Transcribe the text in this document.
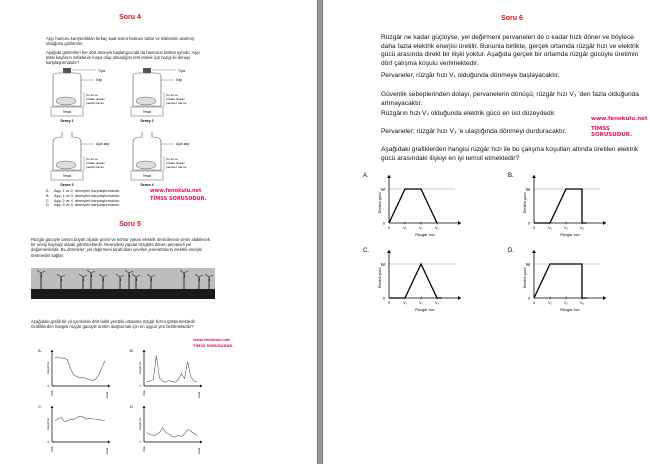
Soru 4
Aşçı hamuru karıştırdıktan birkaç saat sonra hamuru tartar ve kütlesinin azalmış olduğunu gözlemler.
Aşağıda gösterilen her dört deneyin başlangıcında da hamurun kütlesi aynıdır. Aşçı kütle kaybının sebebinin maya olup olmadığını test etmek için hangi iki deneyi karşılaştırmalıdır?
Tıpa
Kap
Un,su ve
tuzdan oluşan
mayalı hamur
Terazi
Deney 1
Tıpa
Kap
Un,su ve
tuzdan oluşan
mayasız hamur
Terazi
Deney 2
Açık kap
Un,su ve
tuzdan oluşan
mayalı hamur
Terazi
Deney 3
Açık kap
Un,su ve
tuzdan oluşan
mayasız hamur
Terazi
Deney 4
A Aşçı 1 ve 2. deneyleri karşılaştırmalıdır.
B Aşçı 1 ve 3. deneyleri karşılaştırmalıdır.
C Aşçı 2 ve 4. deneyleri karşılaştırmalıdır.
D Aşçı 3 ve 4. deneyleri karşılaştırmalıdır.
www.fenokulu.net
TİMSS SORUSUDUR.
Soru 5
Rüzgâr gücüyle üretim büyük ölçüde petrol ve kömür yakan elektrik üreticilerinin yerini alabilecek bir enerji kaynağı olarak görülmektedir. Resimdeki yapılar rüzgârla dönen pervaneli yel değirmenleridir. Bu dönmeler; yel değirmeni tarafından çevrilen jeneratörlerin elektrik enerjisi üretmesini sağlar.
Aşağıdaki grafik bir yıl içerisinde dört farklı yerdeki ortalama rüzgâr hızını göstermektedir. Grafiklerden hangisi rüzgâr gücüyle üretim oluşturmak için en uygun yeri belirtmektedir?
www.fenokulu.net
TİMSS SORUSUDUR.
A.
0
Rüzgâr hızı
Ocak	Aralık
B.
0
Rüzgâr hızı
Ocak	Aralık
C.
0
Rüzgâr hızı
Ocak	Aralık
D.
0
Rüzgâr hızı
Ocak	Aralık
Soru 6
Rüzgâr ne kadar güçlüyse, yel değirmeni pervaneleri de o kadar hızlı döner ve böylece daha fazla elektrik enerjisi üretilir. Bununla birlikte, gerçek ortamda rüzgâr hızı ve elektrik gücü arasında direkt bir ilişki yoktur. Aşağıda gerçek bir ortamda rüzgâr gücüyle üretimin dört çalışma koşulu verilmektedir.
Pervaneler, rüzgâr hızı V₁ olduğunda dönmeye başlayacaktır.
Güvenlik sebeplerinden dolayı, pervanelerin dönüşü; rüzgâr hızı V₃ 'den fazla olduğunda artmayacaktır.
Rüzgârın hızı V₂ olduğunda elektrik gücü en üst düzeydedir.
Pervaneler; rüzgâr hızı V₃ 'e ulaştığında dönmeyi durduracaktır.
Aşağıdaki grafiklerden hangisi rüzgâr hızı ile bu çalışma koşulları altında üretilen elektrik gücü arasındaki ilişkiyi en iyi temsil etmektedir?
www.fenokulu.net
TİMSS SORUSUDUR.
A.
W
0
Elektrik gücü
0	V₁	V₂	V₃
Rüzgâr hızı
B.
W
0
Elektrik gücü
0	V₁	V₂	V₃
Rüzgâr hızı
C.
W
0
Elektrik gücü
0	V₁	V₂	V₃
Rüzgâr hızı
D.
W
0
Elektrik gücü
0	V₁	V₂	V₃
Rüzgâr hızı
